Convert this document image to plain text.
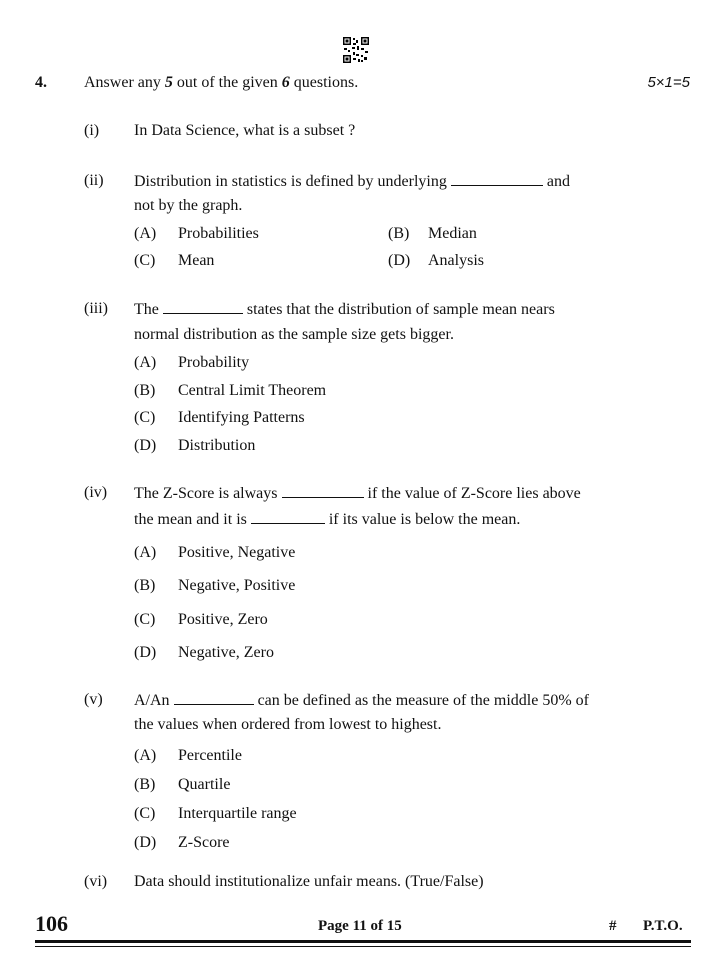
4. Answer any 5 out of the given 6 questions.	5×1=5
(i) In Data Science, what is a subset ?
(ii) Distribution in statistics is defined by underlying	and
not by the graph.
(A) Probabilities	(B) Median
(C) Mean	(D) Analysis
(iii) The	states that the distribution of sample mean nears
normal distribution as the sample size gets bigger.
(A) Probability
(B) Central Limit Theorem
(C) Identifying Patterns
(D) Distribution
(iv) The Z-Score is always	if the value of Z-Score lies above
the mean and it is	if its value is below the mean.
(A) Positive, Negative
(B) Negative, Positive
(C) Positive, Zero
(D) Negative, Zero
(v) A/An	can be defined as the measure of the middle 50% of
the values when ordered from lowest to highest.
(A) Percentile
(B) Quartile
(C) Interquartile range
(D) Z-Score
(vi) Data should institutionalize unfair means. (True/False)
106	Page 11 of 15	# P.T.O.
